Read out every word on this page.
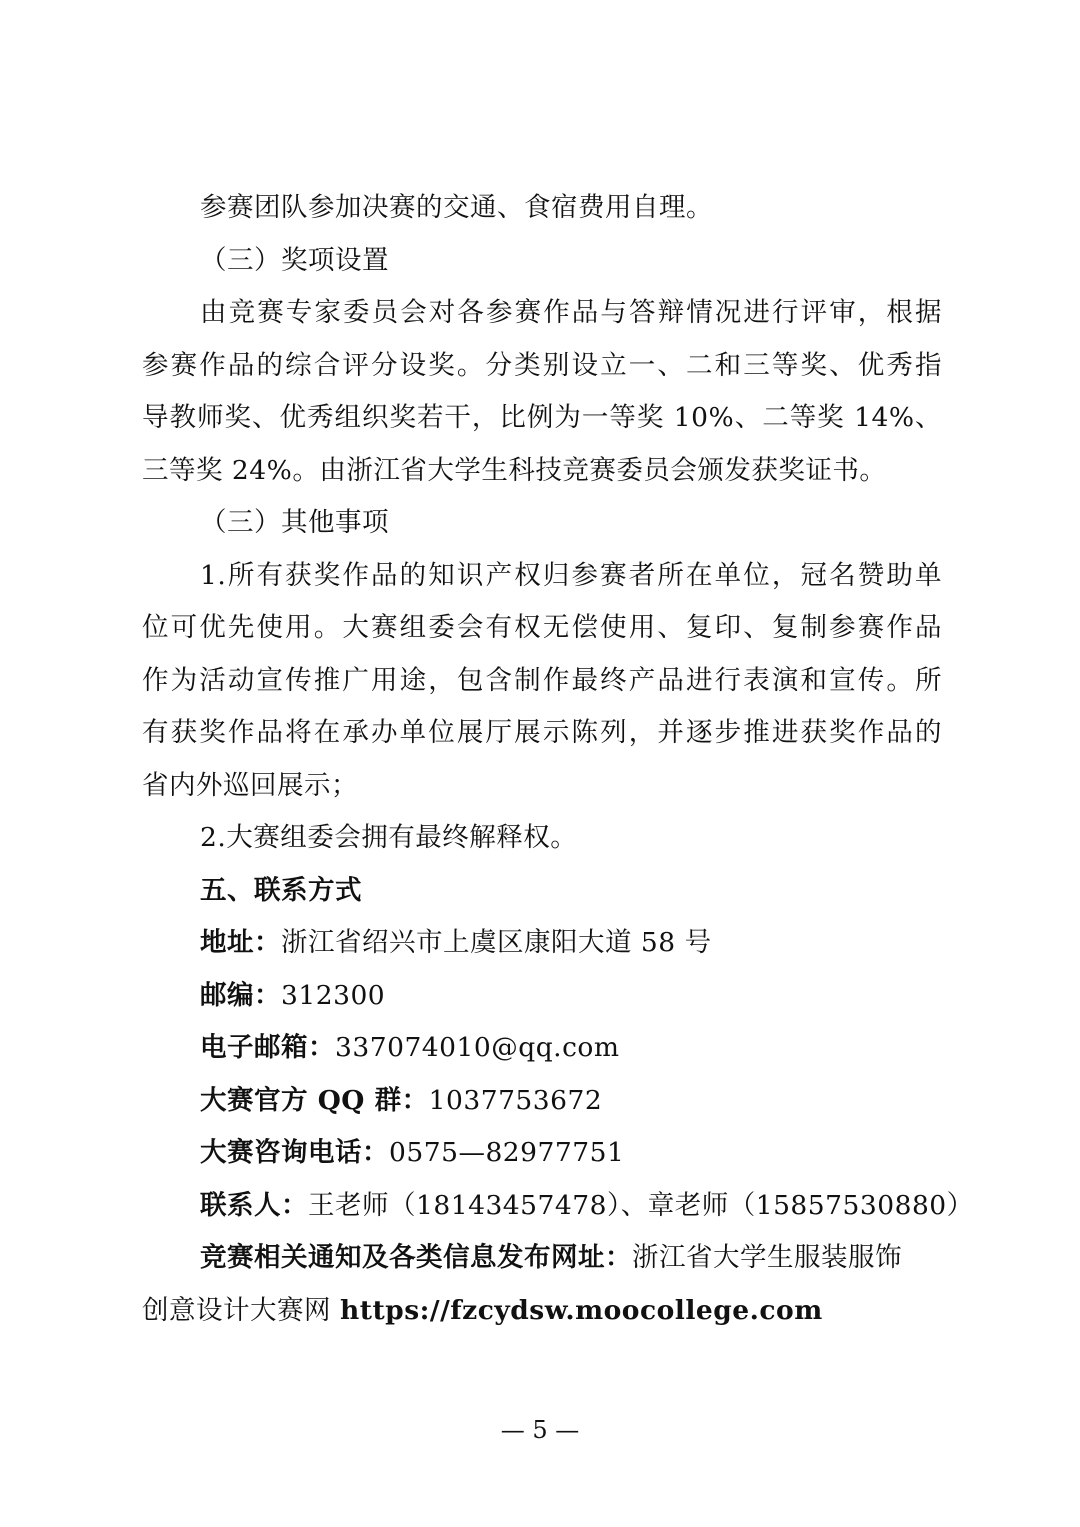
参赛团队参加决赛的交通、食宿费用自理。
（三）奖项设置
由竞赛专家委员会对各参赛作品与答辩情况进行评审，根据
参赛作品的综合评分设奖。分类别设立一、二和三等奖、优秀指
导教师奖、优秀组织奖若干，比例为一等奖 10%、二等奖 14%、
三等奖 24%。由浙江省大学生科技竞赛委员会颁发获奖证书。
（三）其他事项
1.所有获奖作品的知识产权归参赛者所在单位，冠名赞助单
位可优先使用。大赛组委会有权无偿使用、复印、复制参赛作品
作为活动宣传推广用途，包含制作最终产品进行表演和宣传。所
有获奖作品将在承办单位展厅展示陈列，并逐步推进获奖作品的
省内外巡回展示；
2.大赛组委会拥有最终解释权。
五、联系方式
地址：浙江省绍兴市上虞区康阳大道 58 号
邮编：312300
电子邮箱：337074010@qq.com
大赛官方 QQ 群：1037753672
大赛咨询电话：0575—82977751
联系人：王老师（18143457478）、章老师（15857530880）
竞赛相关通知及各类信息发布网址：浙江省大学生服装服饰
创意设计大赛网 https://fzcydsw.moocollege.com
— 5 —
